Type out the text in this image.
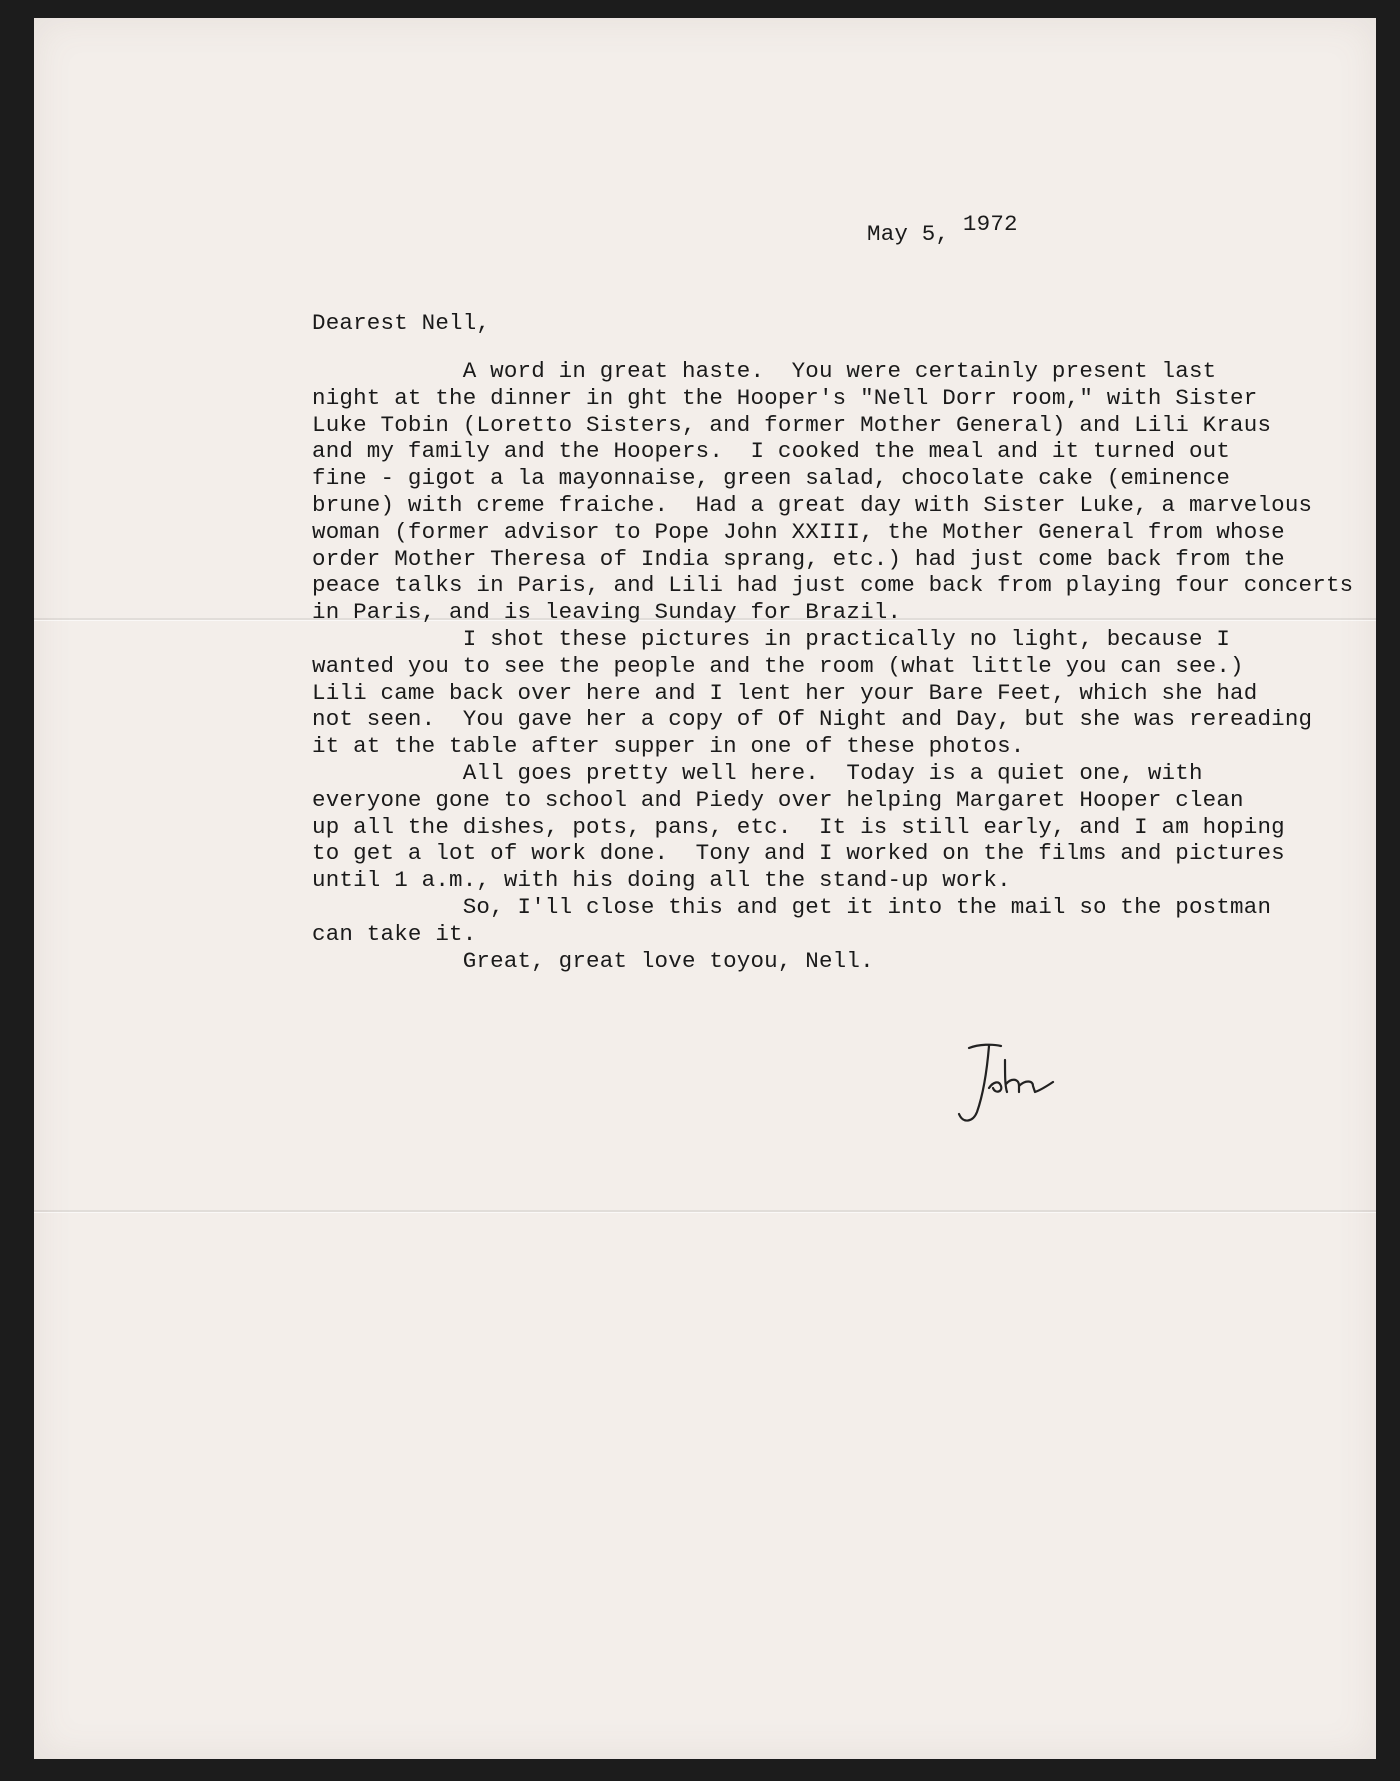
May 5, 1972
Dearest Nell,
A word in great haste.  You were certainly present last
night at the dinner in ght the Hooper's "Nell Dorr room," with Sister
Luke Tobin (Loretto Sisters, and former Mother General) and Lili Kraus
and my family and the Hoopers.  I cooked the meal and it turned out
fine - gigot a la mayonnaise, green salad, chocolate cake (eminence
brune) with creme fraiche.  Had a great day with Sister Luke, a marvelous
woman (former advisor to Pope John XXIII, the Mother General from whose
order Mother Theresa of India sprang, etc.) had just come back from the
peace talks in Paris, and Lili had just come back from playing four concerts
in Paris, and is leaving Sunday for Brazil.
I shot these pictures in practically no light, because I
wanted you to see the people and the room (what little you can see.)
Lili came back over here and I lent her your Bare Feet, which she had
not seen.  You gave her a copy of Of Night and Day, but she was rereading
it at the table after supper in one of these photos.
All goes pretty well here.  Today is a quiet one, with
everyone gone to school and Piedy over helping Margaret Hooper clean
up all the dishes, pots, pans, etc.  It is still early, and I am hoping
to get a lot of work done.  Tony and I worked on the films and pictures
until 1 a.m., with his doing all the stand-up work.
So, I'll close this and get it into the mail so the postman
can take it.
Great, great love toyou, Nell.
